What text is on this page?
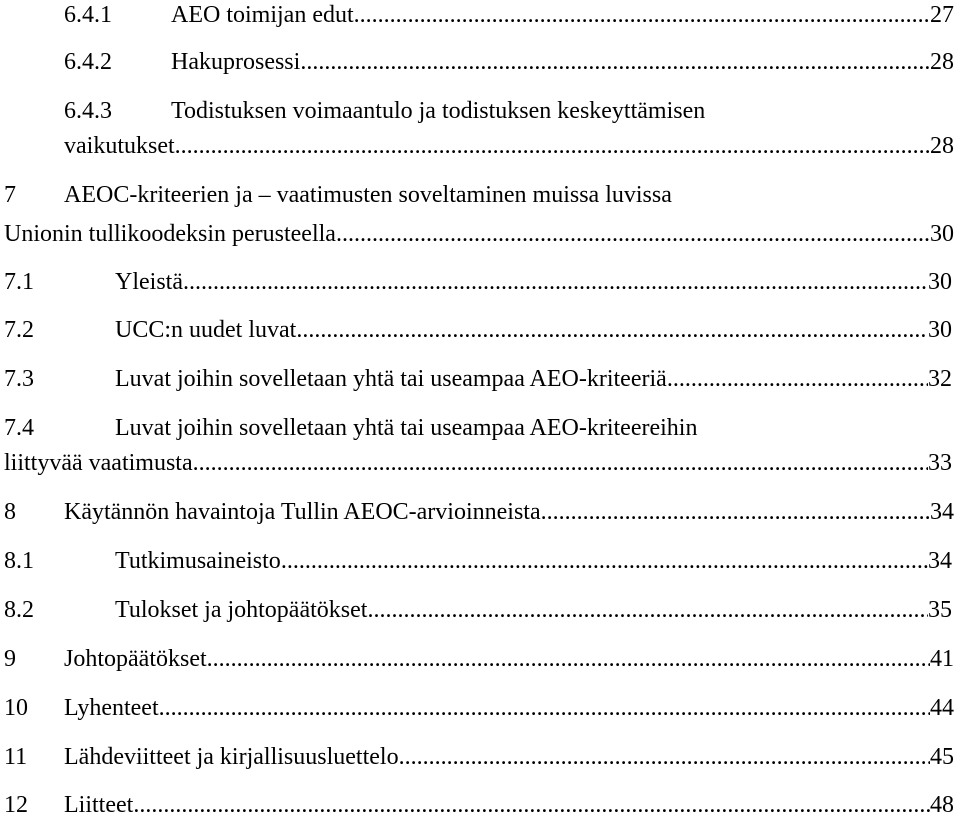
6.4.1	AEO toimijan edut .....	27
6.4.2	Hakuprosessi .....	28
6.4.3	Todistuksen voimaantulo ja todistuksen keskeyttämisen
vaikutukset .....	28
7	AEOC-kriteerien ja – vaatimusten soveltaminen muissa luvissa
Unionin tullikoodeksin perusteella .....	30
7.1	Yleistä .....	30
7.2	UCC:n uudet luvat .....	30
7.3	Luvat joihin sovelletaan yhtä tai useampaa AEO-kriteeriä .....	32
7.4	Luvat joihin sovelletaan yhtä tai useampaa AEO-kriteereihin
liittyvää vaatimusta .....	33
8	Käytännön havaintoja Tullin AEOC-arvioinneista .....	34
8.1	Tutkimusaineisto .....	34
8.2	Tulokset ja johtopäätökset .....	35
9	Johtopäätökset .....	41
10	Lyhenteet .....	44
11	Lähdeviitteet ja kirjallisuusluettelo .....	45
12	Liitteet .....	48
